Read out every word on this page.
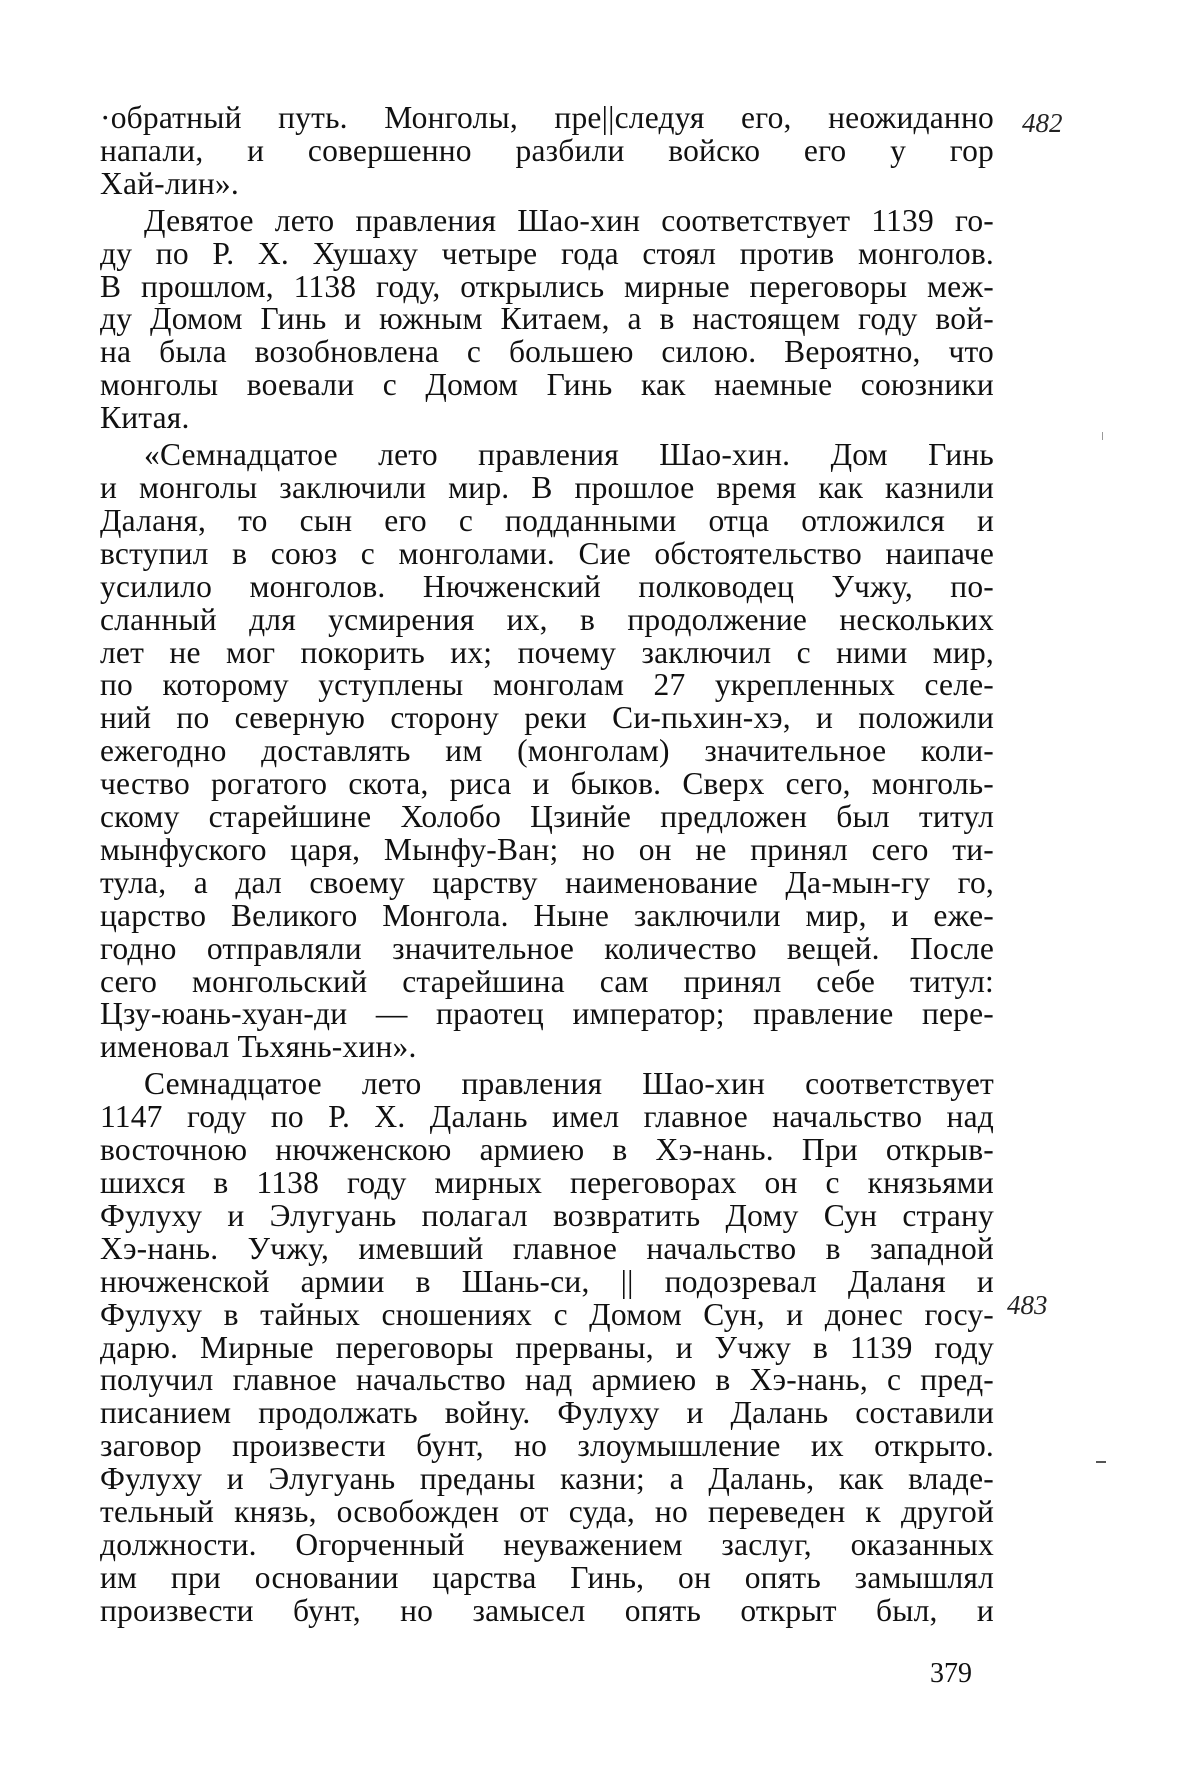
·обратный путь. Монголы, пре||следуя его, неожиданно
напали, и совершенно разбили войско его у гор
Хай-лин».
Девятое лето правления Шао-хин соответствует 1139 го-
ду по Р. Х. Хушаху четыре года стоял против монголов.
В прошлом, 1138 году, открылись мирные переговоры меж-
ду Домом Гинь и южным Китаем, а в настоящем году вой-
на была возобновлена с большею силою. Вероятно, что
монголы воевали с Домом Гинь как наемные союзники
Китая.
«Семнадцатое лето правления Шао-хин. Дом Гинь
и монголы заключили мир. В прошлое время как казнили
Даланя, то сын его с подданными отца отложился и
вступил в союз с монголами. Сие обстоятельство наипаче
усилило монголов. Нючженский полководец Учжу, по-
сланный для усмирения их, в продолжение нескольких
лет не мог покорить их; почему заключил с ними мир,
по которому уступлены монголам 27 укрепленных селе-
ний по северную сторону реки Си-пьхин-хэ, и положили
ежегодно доставлять им (монголам) значительное коли-
чество рогатого скота, риса и быков. Сверх сего, монголь-
скому старейшине Холобо Цзинйе предложен был титул
мынфуского царя, Мынфу-Ван; но он не принял сего ти-
тула, а дал своему царству наименование Да-мын-гу го,
царство Великого Монгола. Ныне заключили мир, и еже-
годно отправляли значительное количество вещей. После
сего монгольский старейшина сам принял себе титул:
Цзу-юань-хуан-ди — праотец император; правление пере-
именовал Тьхянь-хин».
Семнадцатое лето правления Шао-хин соответствует
1147 году по Р. Х. Далань имел главное начальство над
восточною нючженскою армиею в Хэ-нань. При открыв-
шихся в 1138 году мирных переговорах он с князьями
Фулуху и Элугуань полагал возвратить Дому Сун страну
Хэ-нань. Учжу, имевший главное начальство в западной
нючженской армии в Шань-си, || подозревал Даланя и
Фулуху в тайных сношениях с Домом Сун, и донес госу-
дарю. Мирные переговоры прерваны, и Учжу в 1139 году
получил главное начальство над армиею в Хэ-нань, с пред-
писанием продолжать войну. Фулуху и Далань составили
заговор произвести бунт, но злоумышление их открыто.
Фулуху и Элугуань преданы казни; а Далань, как владе-
тельный князь, освобожден от суда, но переведен к другой
должности. Огорченный неуважением заслуг, оказанных
им при основании царства Гинь, он опять замышлял
произвести бунт, но замысел опять открыт был, и
482
483
379
